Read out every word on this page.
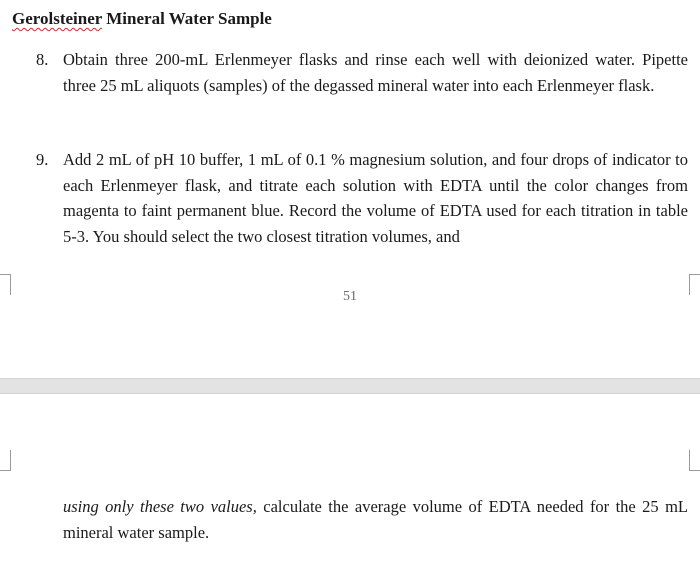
Gerolsteiner Mineral Water Sample

8. Obtain three 200-mL Erlenmeyer flasks and rinse each well with deionized water. Pipette three 25 mL aliquots (samples) of the degassed mineral water into each Erlenmeyer flask.
9. Add 2 mL of pH 10 buffer, 1 mL of 0.1 % magnesium solution, and four drops of indicator to each Erlenmeyer flask, and titrate each solution with EDTA until the color changes from magenta to faint permanent blue. Record the volume of EDTA used for each titration in table 5-3. You should select the two closest titration volumes, and
51

using only these two values, calculate the average volume of EDTA needed for the 25 mL mineral water sample.
